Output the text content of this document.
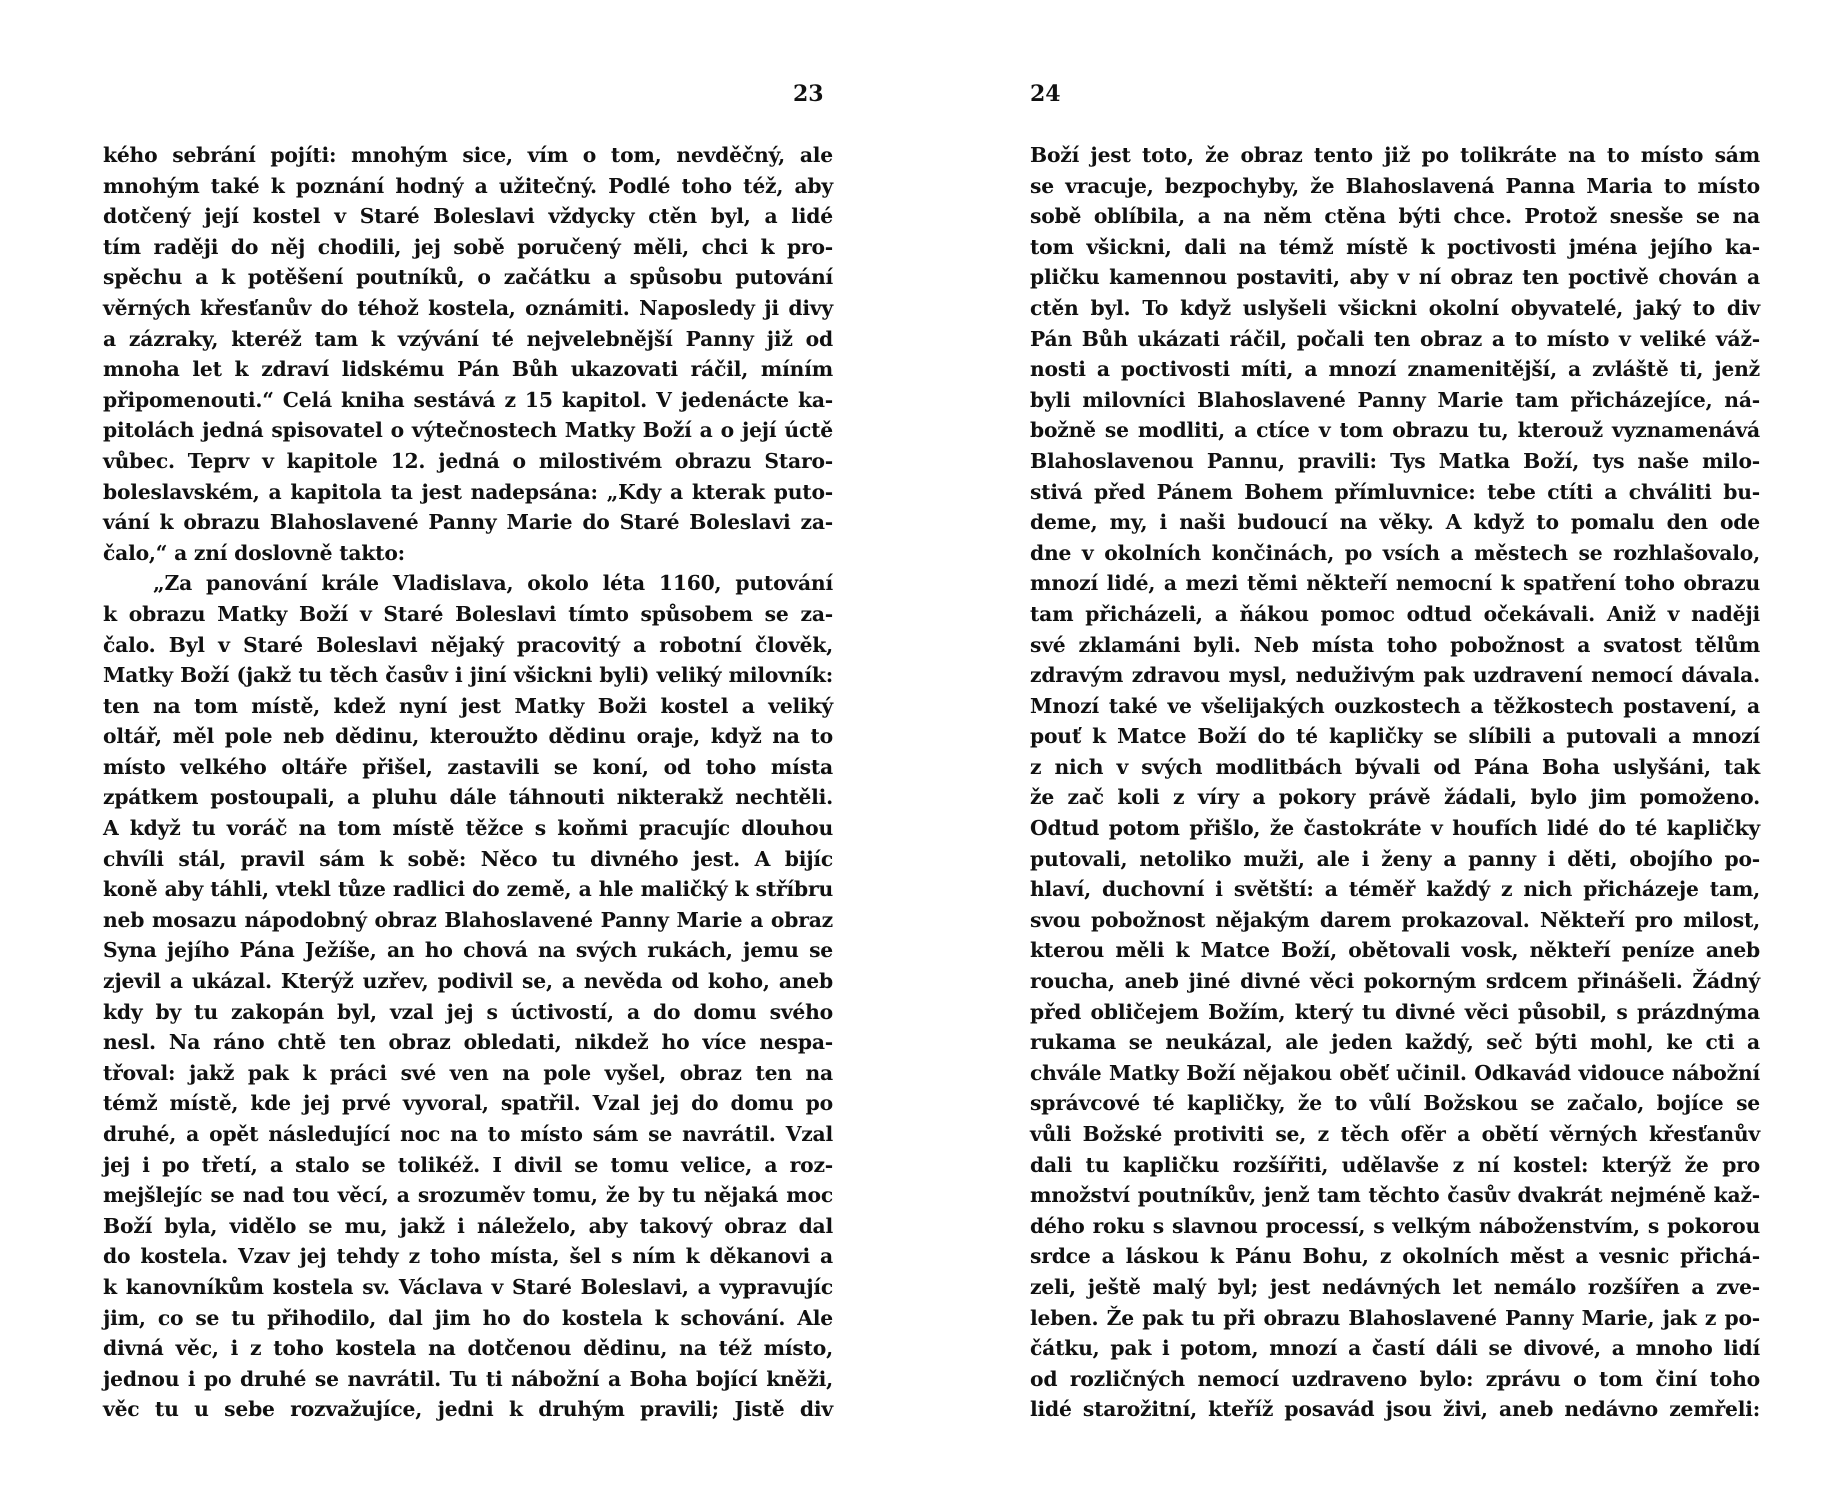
23
kého sebrání pojíti: mnohým sice, vím o tom, nevděčný, ale
mnohým také k poznání hodný a užitečný. Podlé toho též, aby
dotčený její kostel v Staré Boleslavi vždycky ctěn byl, a lidé
tím raději do něj chodili, jej sobě poručený měli, chci k pro-
spěchu a k potěšení poutníků, o začátku a spůsobu putování
věrných křesťanův do téhož kostela, oznámiti. Naposledy ji divy
a zázraky, kteréž tam k vzývání té nejvelebnější Panny již od
mnoha let k zdraví lidskému Pán Bůh ukazovati ráčil, míním
připomenouti.“ Celá kniha sestává z 15 kapitol. V jedenácte ka-
pitolách jedná spisovatel o výtečnostech Matky Boží a o její úctě
vůbec. Teprv v kapitole 12. jedná o milostivém obrazu Staro-
boleslavském, a kapitola ta jest nadepsána: „Kdy a kterak puto-
vání k obrazu Blahoslavené Panny Marie do Staré Boleslavi za-
čalo,“ a zní doslovně takto:
„Za panování krále Vladislava, okolo léta 1160, putování
k obrazu Matky Boží v Staré Boleslavi tímto spůsobem se za-
čalo. Byl v Staré Boleslavi nějaký pracovitý a robotní člověk,
Matky Boží (jakž tu těch časův i jiní všickni byli) veliký milovník:
ten na tom místě, kdež nyní jest Matky Boži kostel a veliký
oltář, měl pole neb dědinu, kteroužto dědinu oraje, když na to
místo velkého oltáře přišel, zastavili se koní, od toho místa
zpátkem postoupali, a pluhu dále táhnouti nikterakž nechtěli.
A když tu voráč na tom místě těžce s koňmi pracujíc dlouhou
chvíli stál, pravil sám k sobě: Něco tu divného jest. A bijíc
koně aby táhli, vtekl tůze radlici do země, a hle maličký k stříbru
neb mosazu nápodobný obraz Blahoslavené Panny Marie a obraz
Syna jejího Pána Ježíše, an ho chová na svých rukách, jemu se
zjevil a ukázal. Kterýž uzřev, podivil se, a nevěda od koho, aneb
kdy by tu zakopán byl, vzal jej s úctivostí, a do domu svého
nesl. Na ráno chtě ten obraz obledati, nikdež ho více nespa-
třoval: jakž pak k práci své ven na pole vyšel, obraz ten na
témž místě, kde jej prvé vyvoral, spatřil. Vzal jej do domu po
druhé, a opět následující noc na to místo sám se navrátil. Vzal
jej i po třetí, a stalo se tolikéž. I divil se tomu velice, a roz-
mejšlejíc se nad tou věcí, a srozuměv tomu, že by tu nějaká moc
Boží byla, vidělo se mu, jakž i náleželo, aby takový obraz dal
do kostela. Vzav jej tehdy z toho místa, šel s ním k děkanovi a
k kanovníkům kostela sv. Václava v Staré Boleslavi, a vypravujíc
jim, co se tu přihodilo, dal jim ho do kostela k schování. Ale
divná věc, i z toho kostela na dotčenou dědinu, na též místo,
jednou i po druhé se navrátil. Tu ti nábožní a Boha bojící kněži,
věc tu u sebe rozvažujíce, jedni k druhým pravili; Jistě div
24
Boží jest toto, že obraz tento již po tolikráte na to místo sám
se vracuje, bezpochyby, že Blahoslavená Panna Maria to místo
sobě oblíbila, a na něm ctěna býti chce. Protož snesše se na
tom všickni, dali na témž místě k poctivosti jména jejího ka-
pličku kamennou postaviti, aby v ní obraz ten poctivě chován a
ctěn byl. To když uslyšeli všickni okolní obyvatelé, jaký to div
Pán Bůh ukázati ráčil, počali ten obraz a to místo v veliké váž-
nosti a poctivosti míti, a mnozí znamenitější, a zvláště ti, jenž
byli milovníci Blahoslavené Panny Marie tam přicházejíce, ná-
božně se modliti, a ctíce v tom obrazu tu, kterouž vyznamenává
Blahoslavenou Pannu, pravili: Tys Matka Boží, tys naše milo-
stivá před Pánem Bohem přímluvnice: tebe ctíti a chváliti bu-
deme, my, i naši budoucí na věky. A když to pomalu den ode
dne v okolních končinách, po vsích a městech se rozhlašovalo,
mnozí lidé, a mezi těmi někteří nemocní k spatření toho obrazu
tam přicházeli, a ňákou pomoc odtud očekávali. Aniž v naději
své zklamáni byli. Neb místa toho pobožnost a svatost tělům
zdravým zdravou mysl, neduživým pak uzdravení nemocí dávala.
Mnozí také ve všelijakých ouzkostech a těžkostech postavení, a
pouť k Matce Boží do té kapličky se slíbili a putovali a mnozí
z nich v svých modlitbách bývali od Pána Boha uslyšáni, tak
že zač koli z víry a pokory právě žádali, bylo jim pomoženo.
Odtud potom přišlo, že častokráte v houfích lidé do té kapličky
putovali, netoliko muži, ale i ženy a panny i děti, obojího po-
hlaví, duchovní i světští: a téměř každý z nich přicházeje tam,
svou pobožnost nějakým darem prokazoval. Někteří pro milost,
kterou měli k Matce Boží, obětovali vosk, někteří peníze aneb
roucha, aneb jiné divné věci pokorným srdcem přinášeli. Žádný
před obličejem Božím, který tu divné věci působil, s prázdnýma
rukama se neukázal, ale jeden každý, seč býti mohl, ke cti a
chvále Matky Boží nějakou oběť učinil. Odkavád vidouce nábožní
správcové té kapličky, že to vůlí Božskou se začalo, bojíce se
vůli Božské protiviti se, z těch ofěr a obětí věrných křesťanův
dali tu kapličku rozšířiti, udělavše z ní kostel: kterýž že pro
množství poutníkův, jenž tam těchto časův dvakrát nejméně kaž-
dého roku s slavnou processí, s velkým náboženstvím, s pokorou
srdce a láskou k Pánu Bohu, z okolních měst a vesnic přichá-
zeli, ještě malý byl; jest nedávných let nemálo rozšířen a zve-
leben. Že pak tu při obrazu Blahoslavené Panny Marie, jak z po-
čátku, pak i potom, mnozí a častí dáli se divové, a mnoho lidí
od rozličných nemocí uzdraveno bylo: zprávu o tom činí toho
lidé starožitní, kteříž posavád jsou živi, aneb nedávno zemřeli:
